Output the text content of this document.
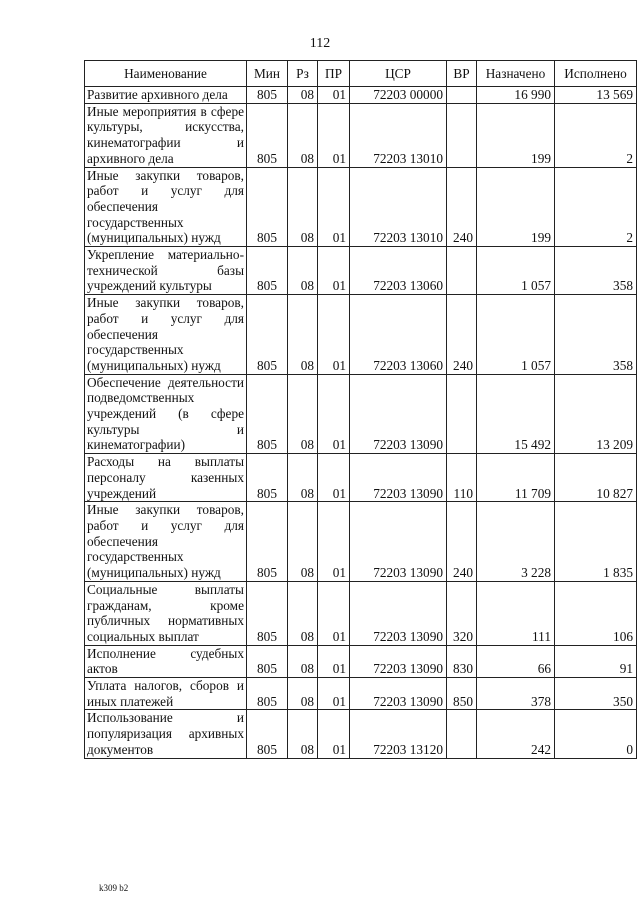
112
Наименование	Мин	Рз	ПР	ЦСР	ВР	Назначено	Исполнено
Развитие архивного дела	805	08	01	72203 00000		16 990	13 569
Иные мероприятия в сфере культуры, искусства, кинематографии и архивного дела	805	08	01	72203 13010		199	2
Иные закупки товаров, работ и услуг для обеспечения государственных (муниципальных) нужд	805	08	01	72203 13010	240	199	2
Укрепление материально-технической базы учреждений культуры	805	08	01	72203 13060		1 057	358
Иные закупки товаров, работ и услуг для обеспечения государственных (муниципальных) нужд	805	08	01	72203 13060	240	1 057	358
Обеспечение деятельности подведомственных учреждений (в сфере культуры и кинематографии)	805	08	01	72203 13090		15 492	13 209
Расходы на выплаты персоналу казенных учреждений	805	08	01	72203 13090	110	11 709	10 827
Иные закупки товаров, работ и услуг для обеспечения государственных (муниципальных) нужд	805	08	01	72203 13090	240	3 228	1 835
Социальные выплаты гражданам, кроме публичных нормативных социальных выплат	805	08	01	72203 13090	320	111	106
Исполнение судебных актов	805	08	01	72203 13090	830	66	91
Уплата налогов, сборов и иных платежей	805	08	01	72203 13090	850	378	350
Использование и популяризация архивных документов	805	08	01	72203 13120		242	0
k309 b2
